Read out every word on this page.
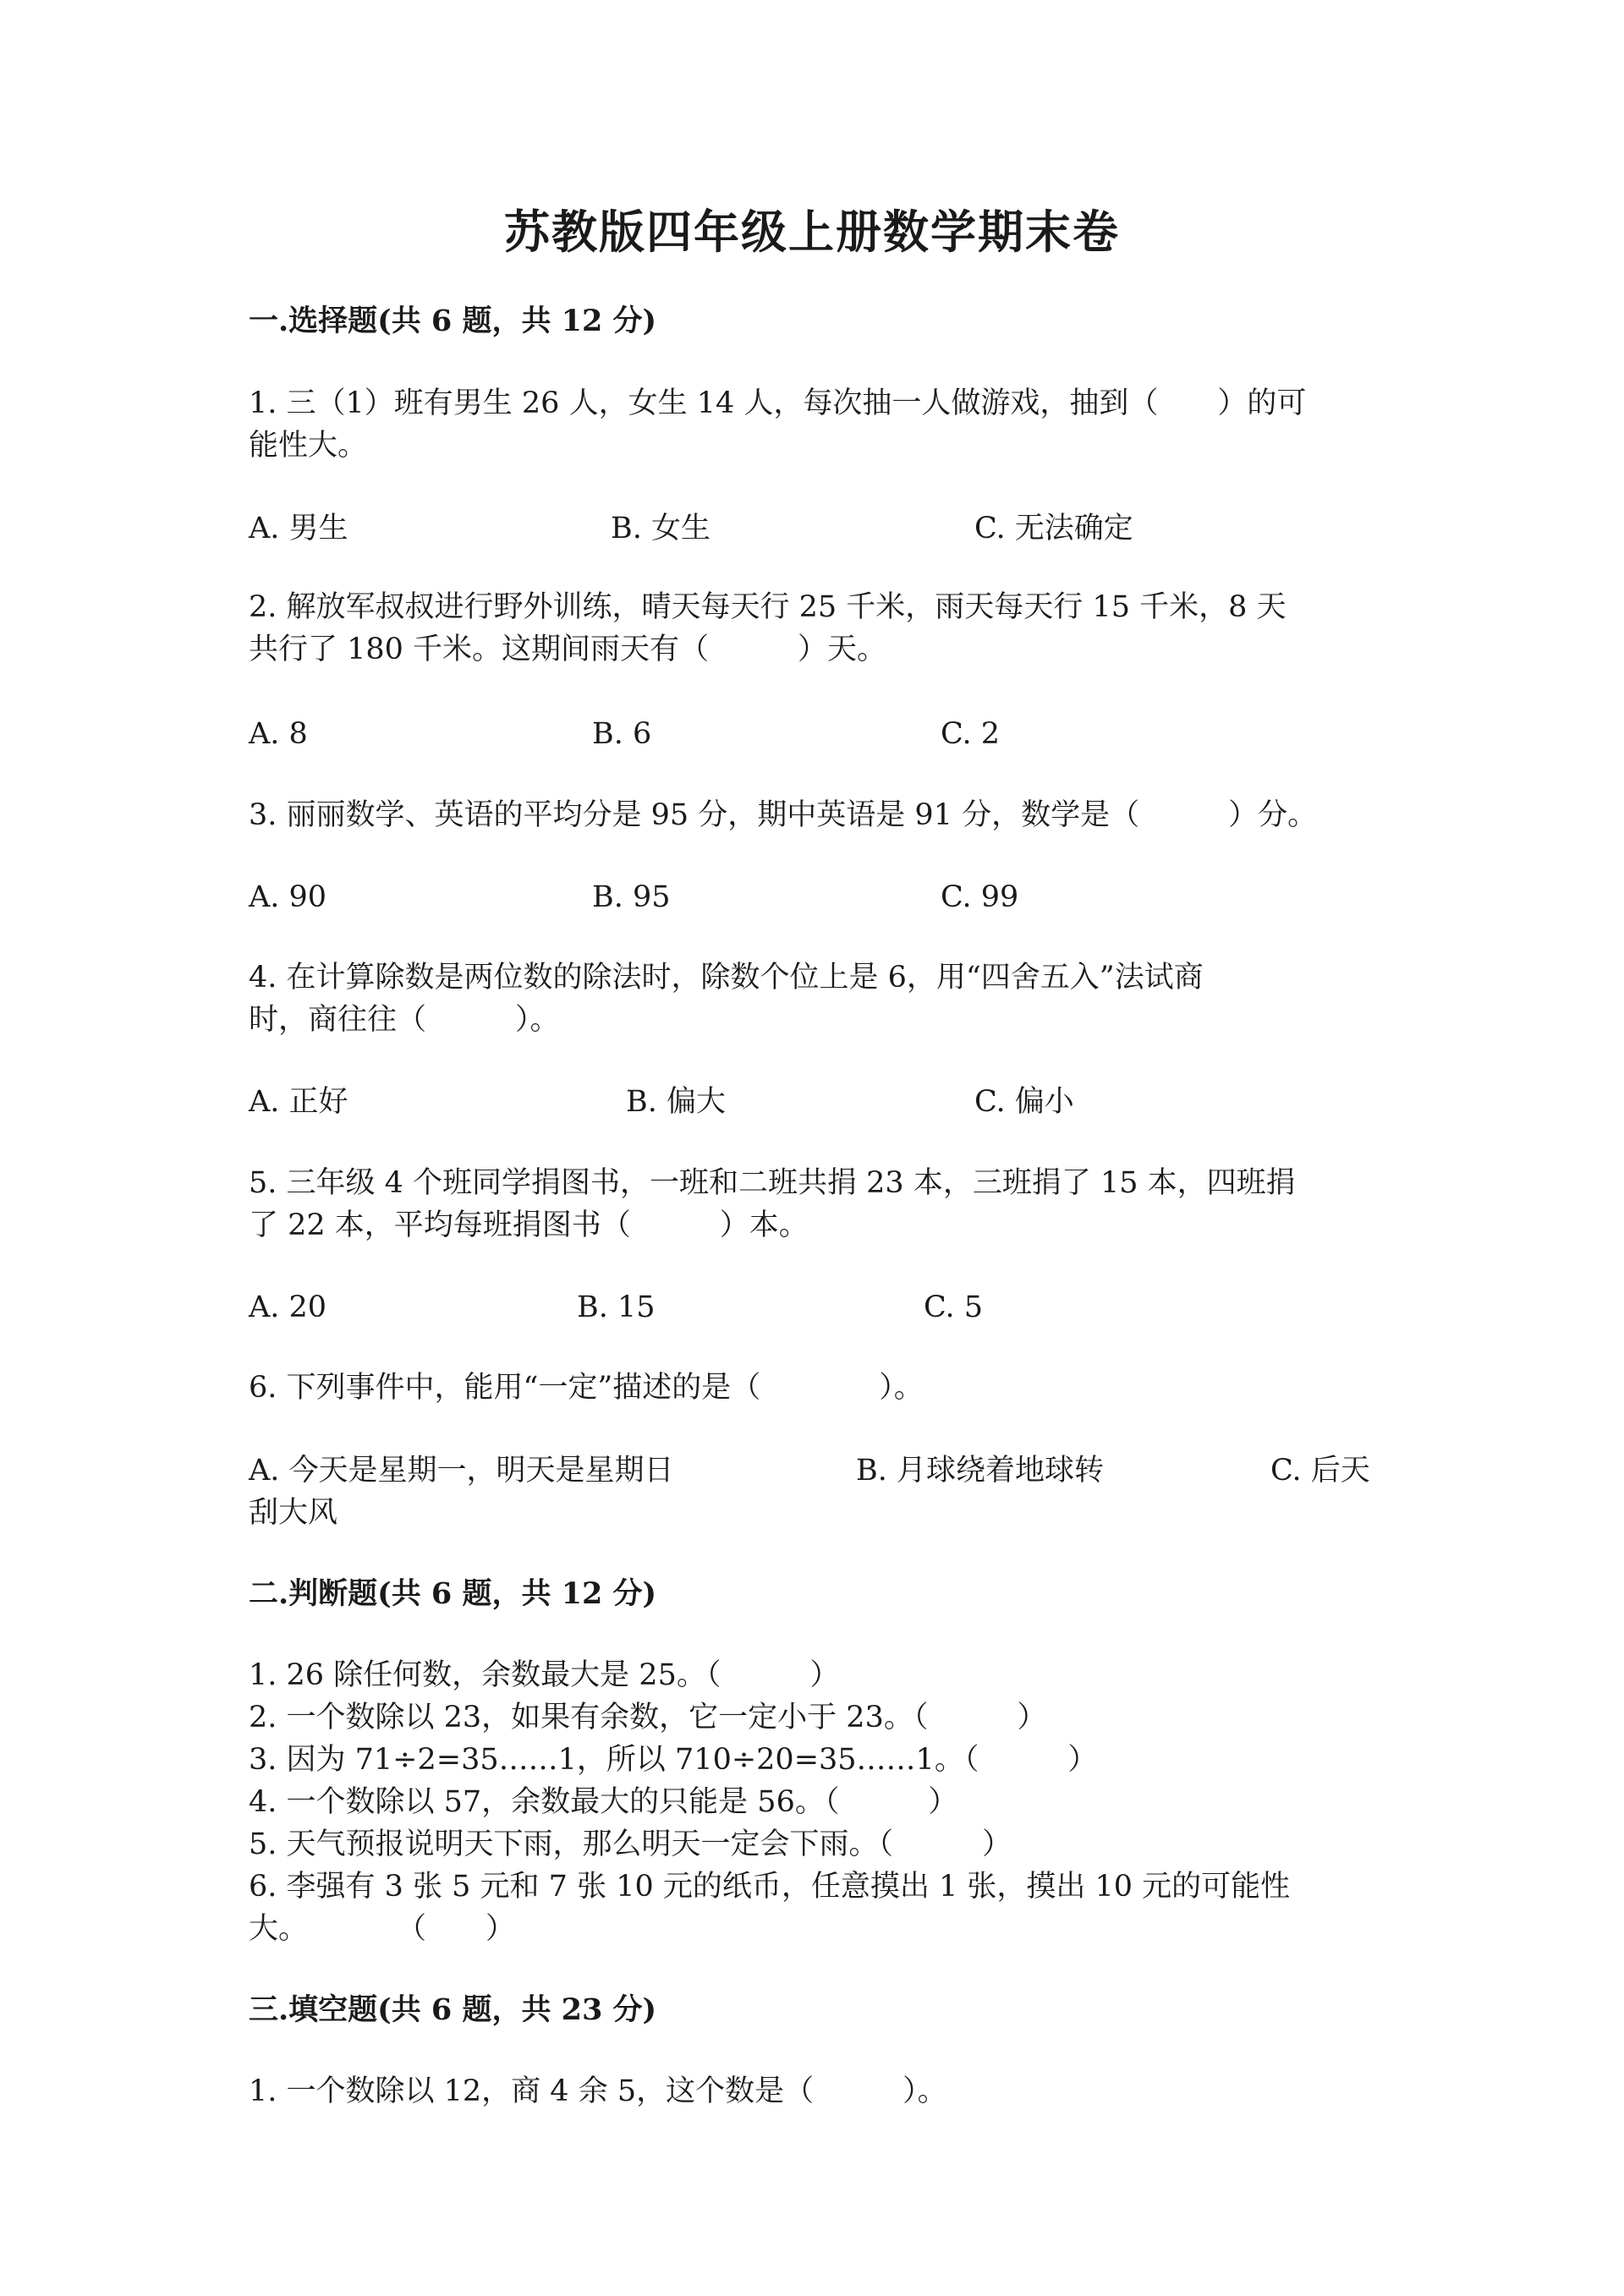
苏教版四年级上册数学期末卷
一.选择题(共 6 题，共 12 分)
1. 三（1）班有男生 26 人，女生 14 人，每次抽一人做游戏，抽到（　　）的可
能性大。
A. 男生	B. 女生	C. 无法确定
2. 解放军叔叔进行野外训练，晴天每天行 25 千米，雨天每天行 15 千米，8 天
共行了 180 千米。这期间雨天有（　　　）天。
A. 8	B. 6	C. 2
3. 丽丽数学、英语的平均分是 95 分，期中英语是 91 分，数学是（　　　）分。
A. 90	B. 95	C. 99
4. 在计算除数是两位数的除法时，除数个位上是 6，用“四舍五入”法试商
时，商往往（　　　）。
A. 正好	B. 偏大	C. 偏小
5. 三年级 4 个班同学捐图书，一班和二班共捐 23 本，三班捐了 15 本，四班捐
了 22 本，平均每班捐图书（　　　）本。
A. 20	B. 15	C. 5
6. 下列事件中，能用“一定”描述的是（　　　　）。
A. 今天是星期一，明天是星期日	B. 月球绕着地球转	C. 后天
刮大风
二.判断题(共 6 题，共 12 分)
1. 26 除任何数，余数最大是 25。（　　　）
2. 一个数除以 23，如果有余数，它一定小于 23。（　　　）
3. 因为 71÷2=35……1，所以 710÷20=35……1。（　　　）
4. 一个数除以 57，余数最大的只能是 56。（　　　）
5. 天气预报说明天下雨，那么明天一定会下雨。（　　　）
6. 李强有 3 张 5 元和 7 张 10 元的纸币，任意摸出 1 张，摸出 10 元的可能性
大。　　　　（　　）
三.填空题(共 6 题，共 23 分)
1. 一个数除以 12，商 4 余 5，这个数是（　　　）。
